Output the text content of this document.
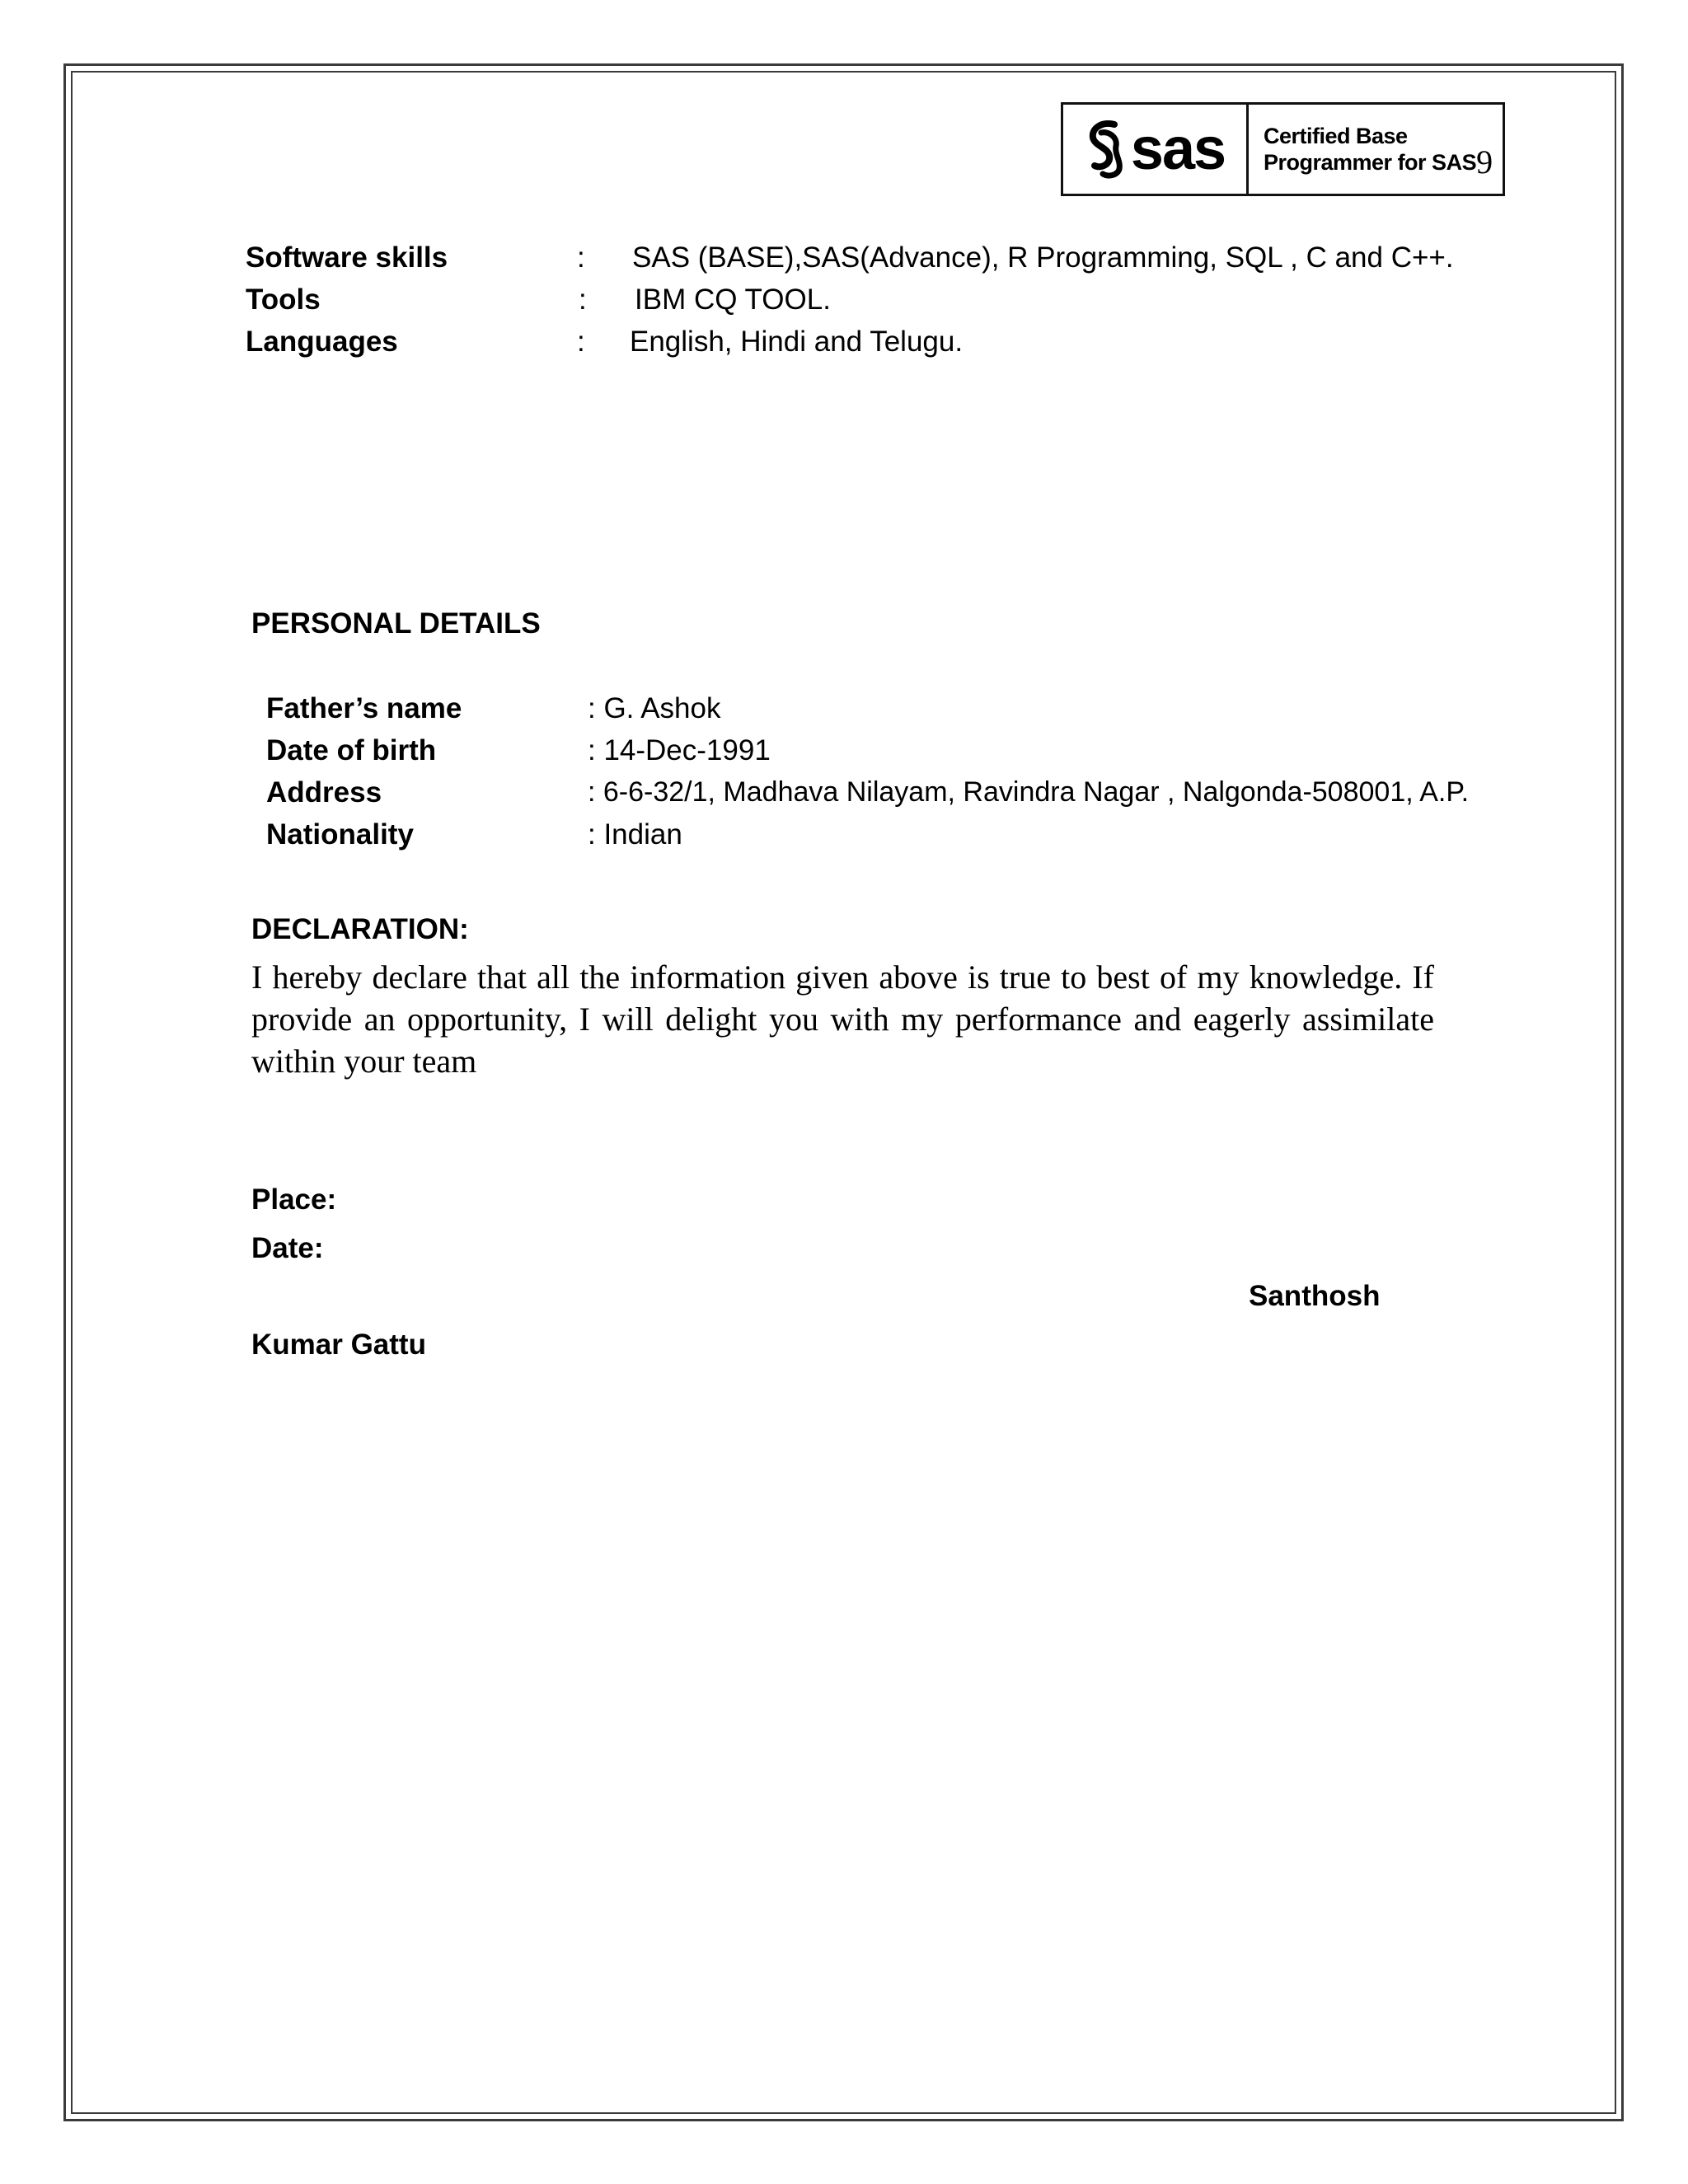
sas Certified Base
Programmer for SAS9
Software skills	: SAS (BASE),SAS(Advance), R Programming, SQL , C and C++.
Tools	: IBM CQ TOOL.
Languages	: English, Hindi and Telugu.
PERSONAL DETAILS
Father’s name	: G. Ashok
Date of birth	: 14-Dec-1991
Address	: 6-6-32/1, Madhava Nilayam, Ravindra Nagar , Nalgonda-508001, A.P.
Nationality	: Indian
DECLARATION:
I hereby declare that all the information given above is true to best of my knowledge. If provide an opportunity, I will delight you with my performance and eagerly assimilate within your team
Place:
Date:
Santhosh
Kumar Gattu
